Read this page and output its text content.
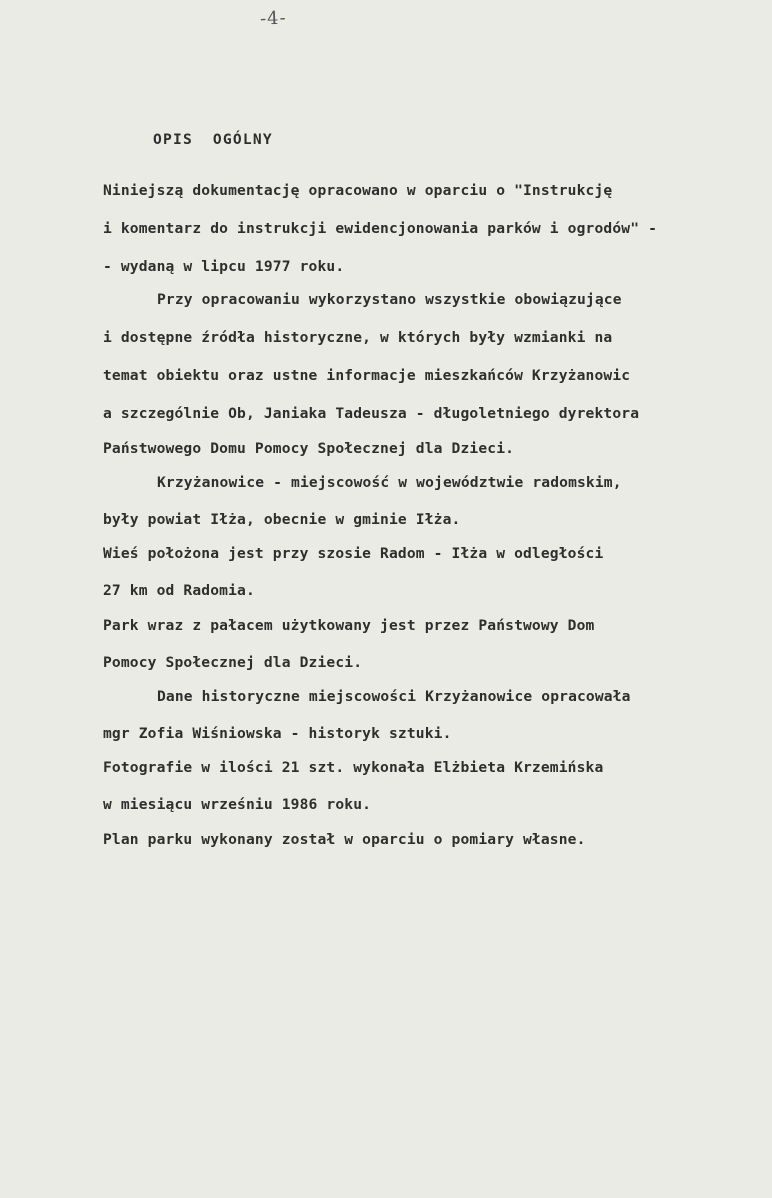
-4-
OPIS  OGÓLNY
Niniejszą dokumentację opracowano w oparciu o "Instrukcję
i komentarz do instrukcji ewidencjonowania parków i ogrodów" -
- wydaną w lipcu 1977 roku.
Przy opracowaniu wykorzystano wszystkie obowiązujące
i dostępne źródła historyczne, w których były wzmianki na
temat obiektu oraz ustne informacje mieszkańców Krzyżanowic
a szczególnie Ob, Janiaka Tadeusza - długoletniego dyrektora
Państwowego Domu Pomocy Społecznej dla Dzieci.
Krzyżanowice - miejscowość w województwie radomskim,
były powiat Iłża, obecnie w gminie Iłża.
Wieś położona jest przy szosie Radom - Iłża w odległości
27 km od Radomia.
Park wraz z pałacem użytkowany jest przez Państwowy Dom
Pomocy Społecznej dla Dzieci.
Dane historyczne miejscowości Krzyżanowice opracowała
mgr Zofia Wiśniowska - historyk sztuki.
Fotografie w ilości 21 szt. wykonała Elżbieta Krzemińska
w miesiącu wrześniu 1986 roku.
Plan parku wykonany został w oparciu o pomiary własne.
